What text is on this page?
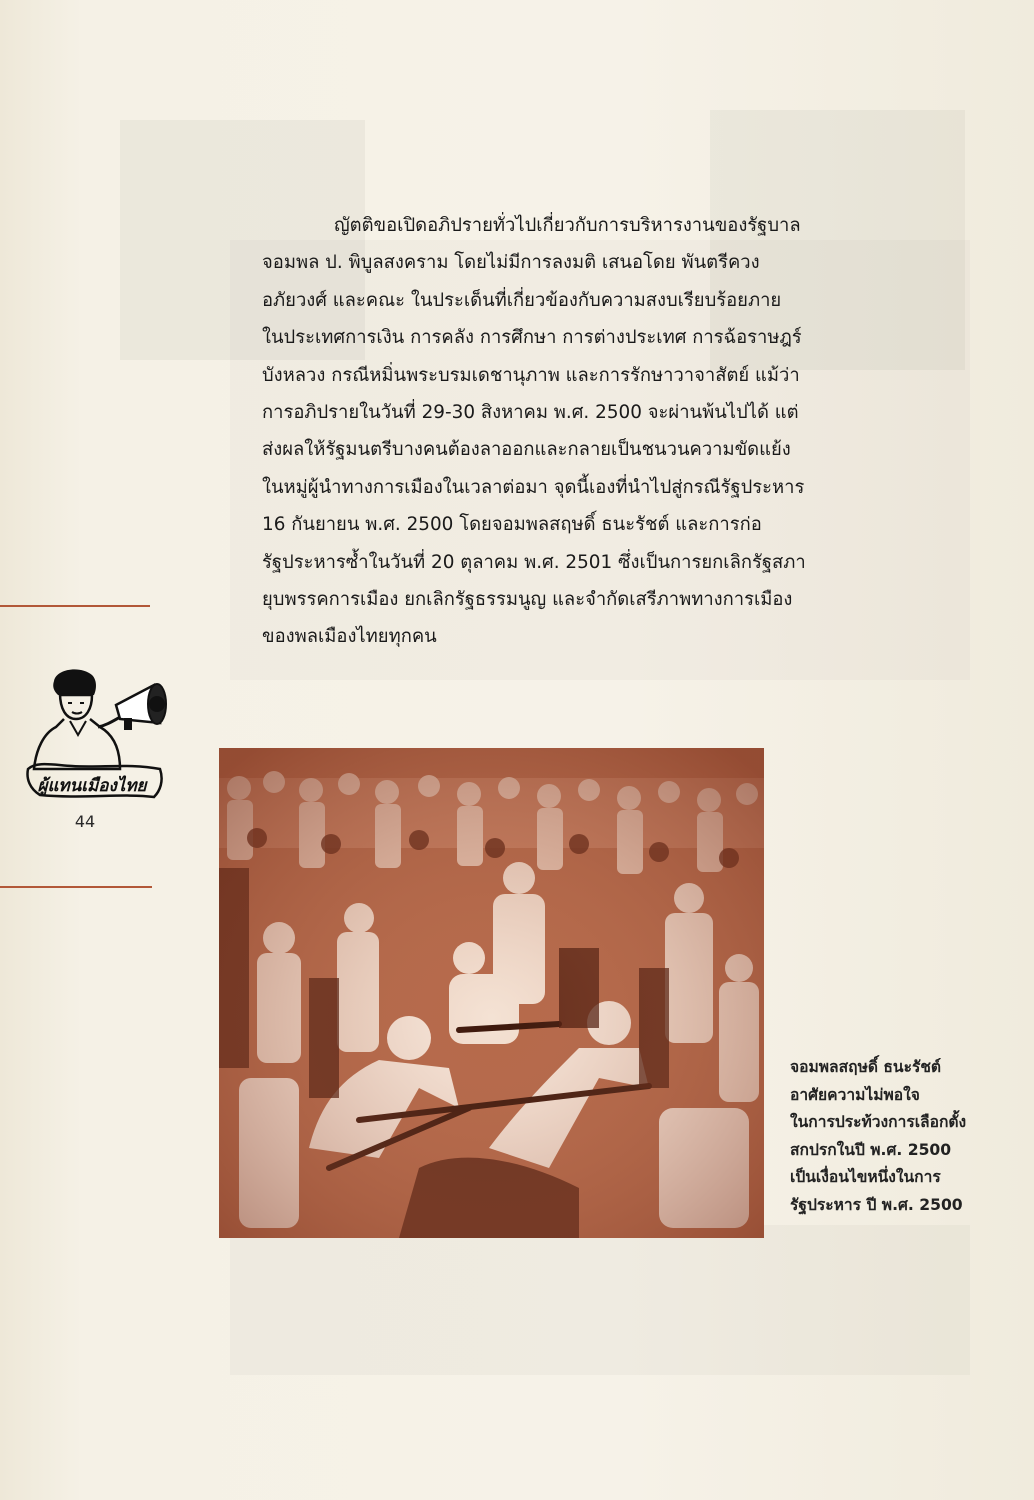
ญัตติขอเปิดอภิปรายทั่วไปเกี่ยวกับการบริหารงานของรัฐบาล
จอมพล ป. พิบูลสงคราม โดยไม่มีการลงมติ เสนอโดย พันตรีควง
อภัยวงศ์ และคณะ ในประเด็นที่เกี่ยวข้องกับความสงบเรียบร้อยภาย
ในประเทศการเงิน การคลัง การศึกษา การต่างประเทศ การฉ้อราษฎร์
บังหลวง กรณีหมิ่นพระบรมเดชานุภาพ และการรักษาวาจาสัตย์ แม้ว่า
การอภิปรายในวันที่ 29-30 สิงหาคม พ.ศ. 2500 จะผ่านพ้นไปได้ แต่
ส่งผลให้รัฐมนตรีบางคนต้องลาออกและกลายเป็นชนวนความขัดแย้ง
ในหมู่ผู้นำทางการเมืองในเวลาต่อมา จุดนี้เองที่นำไปสู่กรณีรัฐประหาร
16 กันยายน พ.ศ. 2500 โดยจอมพลสฤษดิ์ ธนะรัชต์ และการก่อ
รัฐประหารซ้ำในวันที่ 20 ตุลาคม พ.ศ. 2501 ซึ่งเป็นการยกเลิกรัฐสภา
ยุบพรรคการเมือง ยกเลิกรัฐธรรมนูญ และจำกัดเสรีภาพทางการเมือง
ของพลเมืองไทยทุกคน
ผู้แทนเมืองไทย
44
จอมพลสฤษดิ์ ธนะรัชต์
อาศัยความไม่พอใจ
ในการประท้วงการเลือกตั้ง
สกปรกในปี พ.ศ. 2500
เป็นเงื่อนไขหนึ่งในการ
รัฐประหาร ปี พ.ศ. 2500
